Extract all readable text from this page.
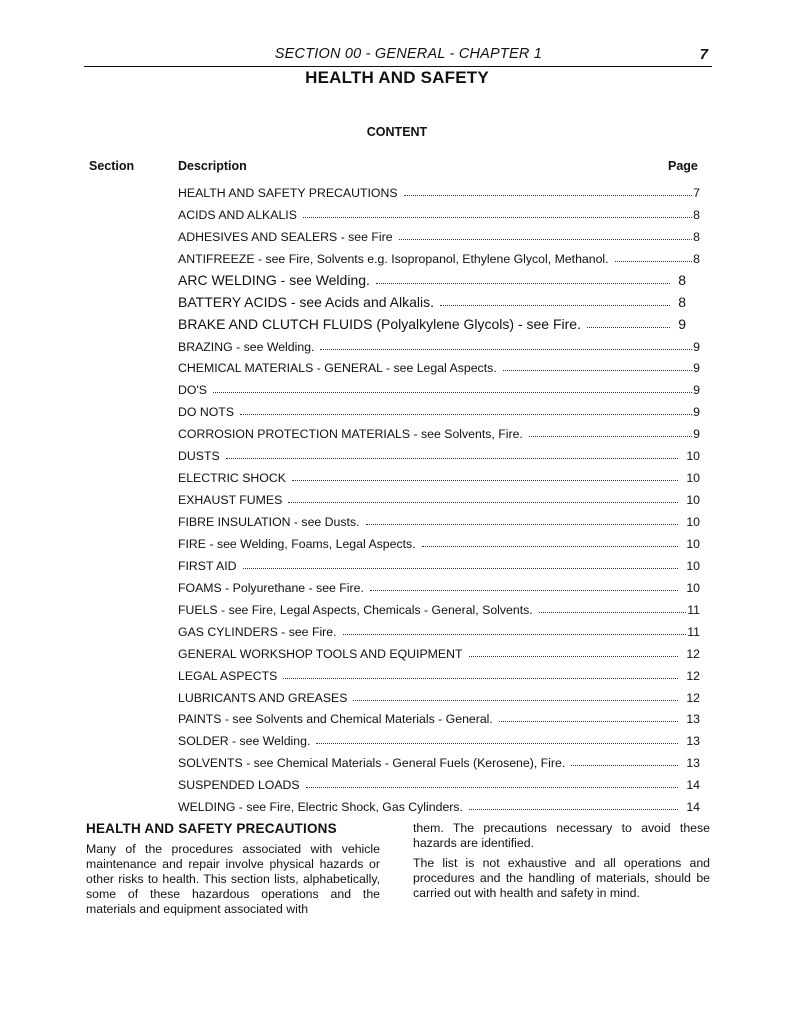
SECTION 00 - GENERAL - CHAPTER 1	7
HEALTH AND SAFETY
CONTENT
Section	Description	Page
HEALTH AND SAFETY PRECAUTIONS	7
ACIDS AND ALKALIS	8
ADHESIVES AND SEALERS - see Fire	8
ANTIFREEZE - see Fire, Solvents e.g. Isopropanol, Ethylene Glycol, Methanol.	8
ARC WELDING - see Welding.	8
BATTERY ACIDS - see Acids and Alkalis.	8
BRAKE AND CLUTCH FLUIDS (Polyalkylene Glycols) - see Fire.	9
BRAZING - see Welding.	9
CHEMICAL MATERIALS - GENERAL - see Legal Aspects.	9
DO'S	9
DO NOTS	9
CORROSION PROTECTION MATERIALS - see Solvents, Fire.	9
DUSTS	10
ELECTRIC SHOCK	10
EXHAUST FUMES	10
FIBRE INSULATION - see Dusts.	10
FIRE - see Welding, Foams, Legal Aspects.	10
FIRST AID	10
FOAMS - Polyurethane - see Fire.	10
FUELS - see Fire, Legal Aspects, Chemicals - General, Solvents.	11
GAS CYLINDERS - see Fire.	11
GENERAL WORKSHOP TOOLS AND EQUIPMENT	12
LEGAL ASPECTS	12
LUBRICANTS AND GREASES	12
PAINTS - see Solvents and Chemical Materials - General.	13
SOLDER - see Welding.	13
SOLVENTS - see Chemical Materials - General Fuels (Kerosene), Fire.	13
SUSPENDED LOADS	14
WELDING - see Fire, Electric Shock, Gas Cylinders.	14
HEALTH AND SAFETY PRECAUTIONS

Many of the procedures associated with vehicle maintenance and repair involve physical hazards or other risks to health. This section lists, alphabetically, some of these hazardous operations and the materials and equipment associated with

them. The precautions necessary to avoid these hazards are identified.

The list is not exhaustive and all operations and procedures and the handling of materials, should be carried out with health and safety in mind.
